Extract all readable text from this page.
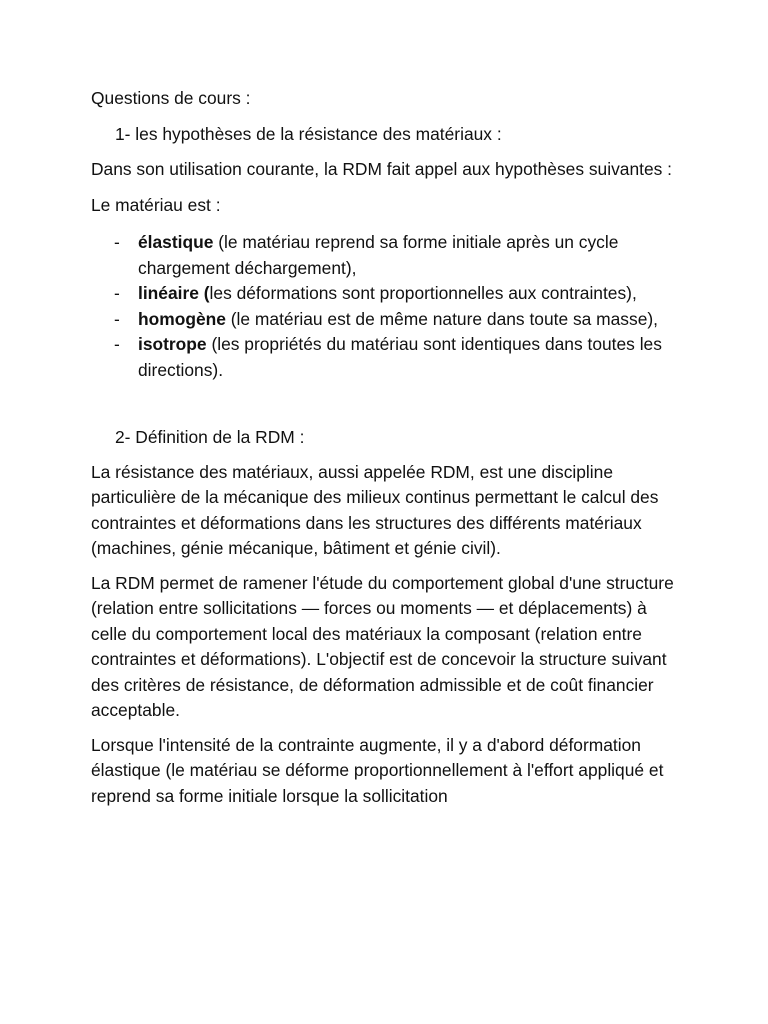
Questions de cours :

1- les hypothèses de la résistance des matériaux :

Dans son utilisation courante, la RDM fait appel aux hypothèses suivantes :

Le matériau est :

- élastique (le matériau reprend sa forme initiale après un cycle chargement déchargement),
- linéaire (les déformations sont proportionnelles aux contraintes),
- homogène (le matériau est de même nature dans toute sa masse),
- isotrope (les propriétés du matériau sont identiques dans toutes les directions).

2- Définition de la RDM :

La résistance des matériaux, aussi appelée RDM, est une discipline particulière de la mécanique des milieux continus permettant le calcul des contraintes et déformations dans les structures des différents matériaux (machines, génie mécanique, bâtiment et génie civil).

La RDM permet de ramener l'étude du comportement global d'une structure (relation entre sollicitations — forces ou moments — et déplacements) à celle du comportement local des matériaux la composant (relation entre contraintes et déformations). L'objectif est de concevoir la structure suivant des critères de résistance, de déformation admissible et de coût financier acceptable.

Lorsque l'intensité de la contrainte augmente, il y a d'abord déformation élastique (le matériau se déforme proportionnellement à l'effort appliqué et reprend sa forme initiale lorsque la sollicitation
